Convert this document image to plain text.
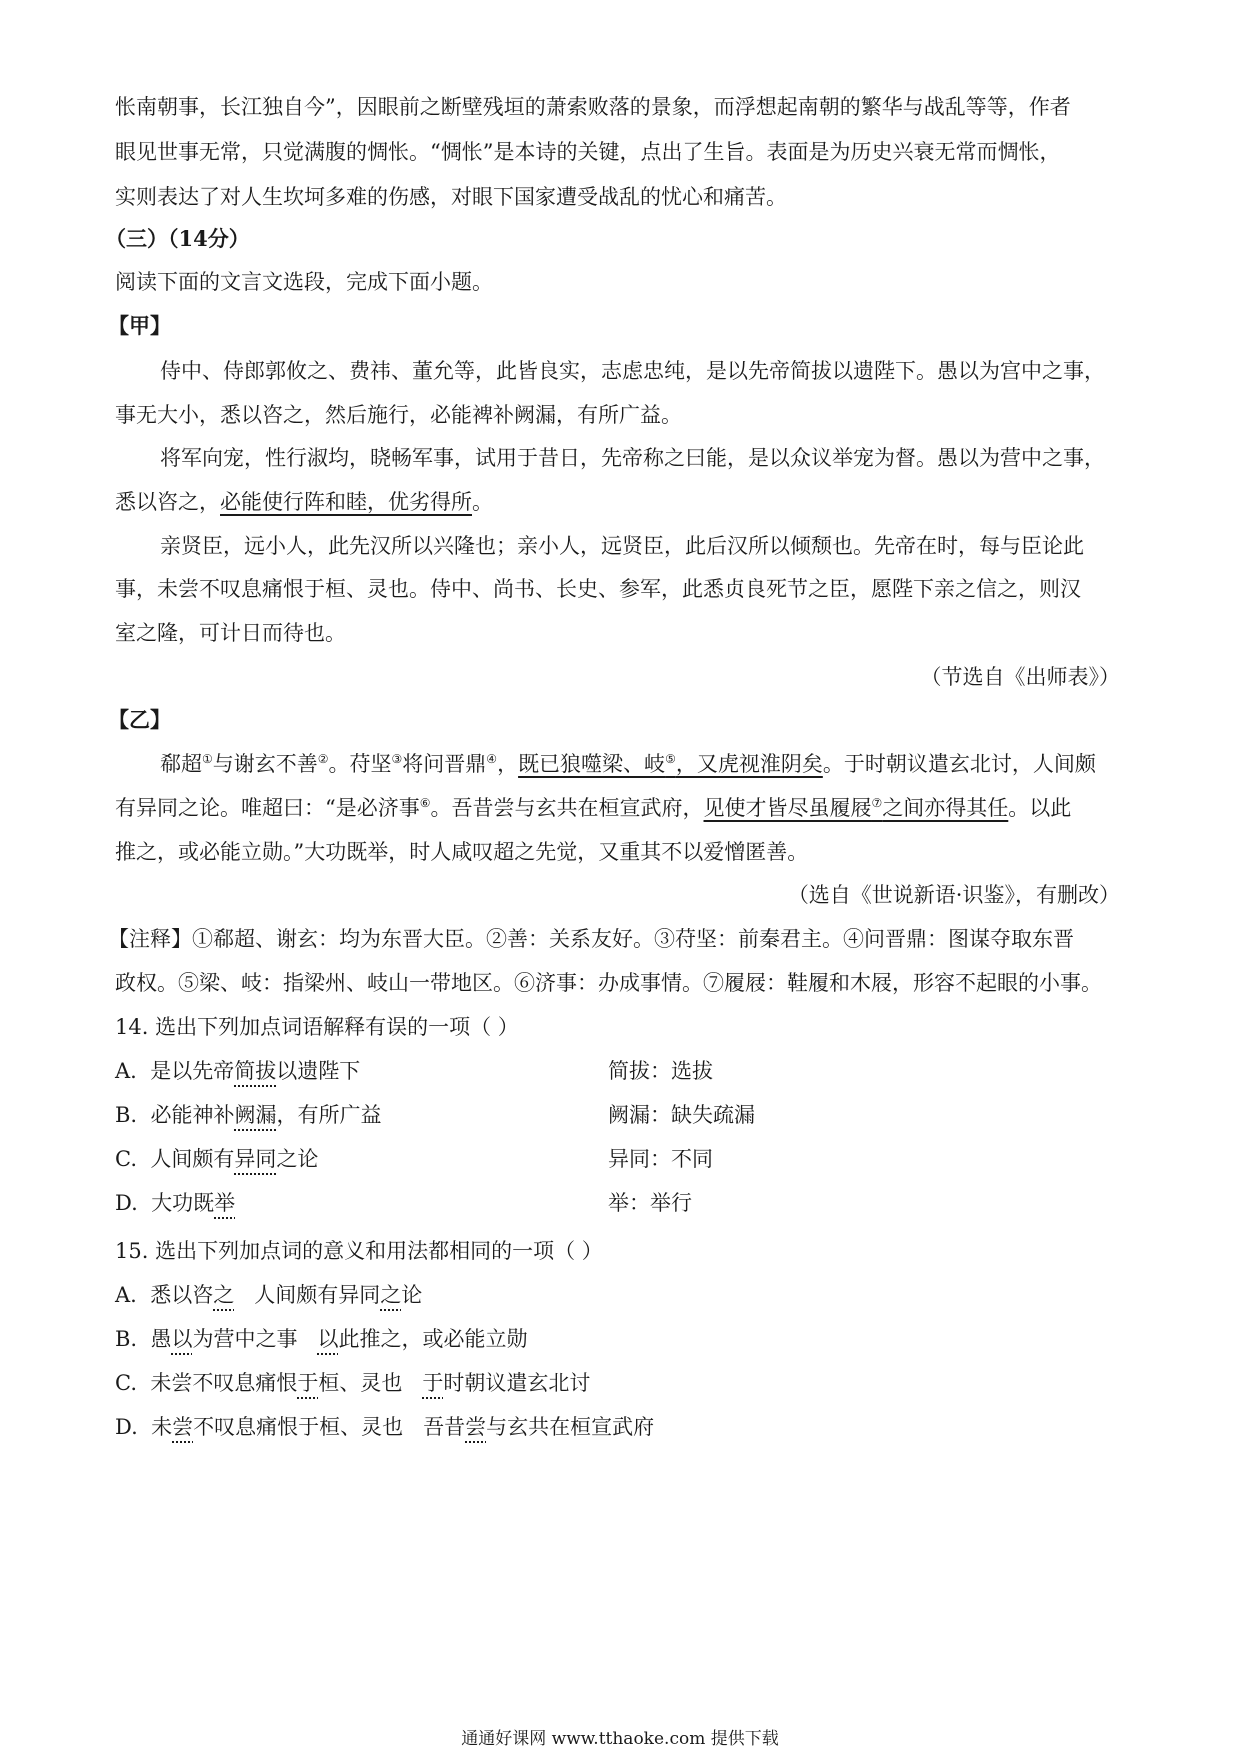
怅南朝事，长江独自今”，因眼前之断壁残垣的萧索败落的景象，而浮想起南朝的繁华与战乱等等，作者
眼见世事无常，只觉满腹的惆怅。“惆怅”是本诗的关键，点出了生旨。表面是为历史兴衰无常而惆怅，
实则表达了对人生坎坷多难的伤感，对眼下国家遭受战乱的忧心和痛苦。
（三）（14分）
阅读下面的文言文选段，完成下面小题。
【甲】
侍中、侍郎郭攸之、费祎、董允等，此皆良实，志虑忠纯，是以先帝简拔以遗陛下。愚以为宫中之事，
事无大小，悉以咨之，然后施行，必能裨补阙漏，有所广益。
将军向宠，性行淑均，晓畅军事，试用于昔日，先帝称之曰能，是以众议举宠为督。愚以为营中之事，
悉以咨之，必能使行阵和睦，优劣得所。
亲贤臣，远小人，此先汉所以兴隆也；亲小人，远贤臣，此后汉所以倾颓也。先帝在时，每与臣论此
事，未尝不叹息痛恨于桓、灵也。侍中、尚书、长史、参军，此悉贞良死节之臣，愿陛下亲之信之，则汉
室之隆，可计日而待也。
（节选自《出师表》）
【乙】
郗超①与谢玄不善②。苻坚③将问晋鼎④，既已狼噬梁、岐⑤，又虎视淮阴矣。于时朝议遣玄北讨，人间颇
有异同之论。唯超曰：“是必济事⑥。吾昔尝与玄共在桓宣武府，见使才皆尽虽履屐⑦之间亦得其任。以此
推之，或必能立勋。”大功既举，时人咸叹超之先觉，又重其不以爱憎匿善。
（选自《世说新语·识鉴》，有删改）
【注释】①郗超、谢玄：均为东晋大臣。②善：关系友好。③苻坚：前秦君主。④问晋鼎：图谋夺取东晋
政权。⑤梁、岐：指梁州、岐山一带地区。⑥济事：办成事情。⑦履屐：鞋履和木屐，形容不起眼的小事。
14. 选出下列加点词语解释有误的一项（ ）
A. 是以先帝简拔以遗陛下	简拔：选拔
B. 必能神补阙漏，有所广益	阙漏：缺失疏漏
C. 人间颇有异同之论	异同：不同
D. 大功既举	举：举行
15. 选出下列加点词的意义和用法都相同的一项（ ）
A. 悉以咨之 人间颇有异同之论
B. 愚以为营中之事 以此推之，或必能立勋
C. 未尝不叹息痛恨于桓、灵也 于时朝议遣玄北讨
D. 未尝不叹息痛恨于桓、灵也 吾昔尝与玄共在桓宣武府
通通好课网 www.tthaoke.com 提供下载
